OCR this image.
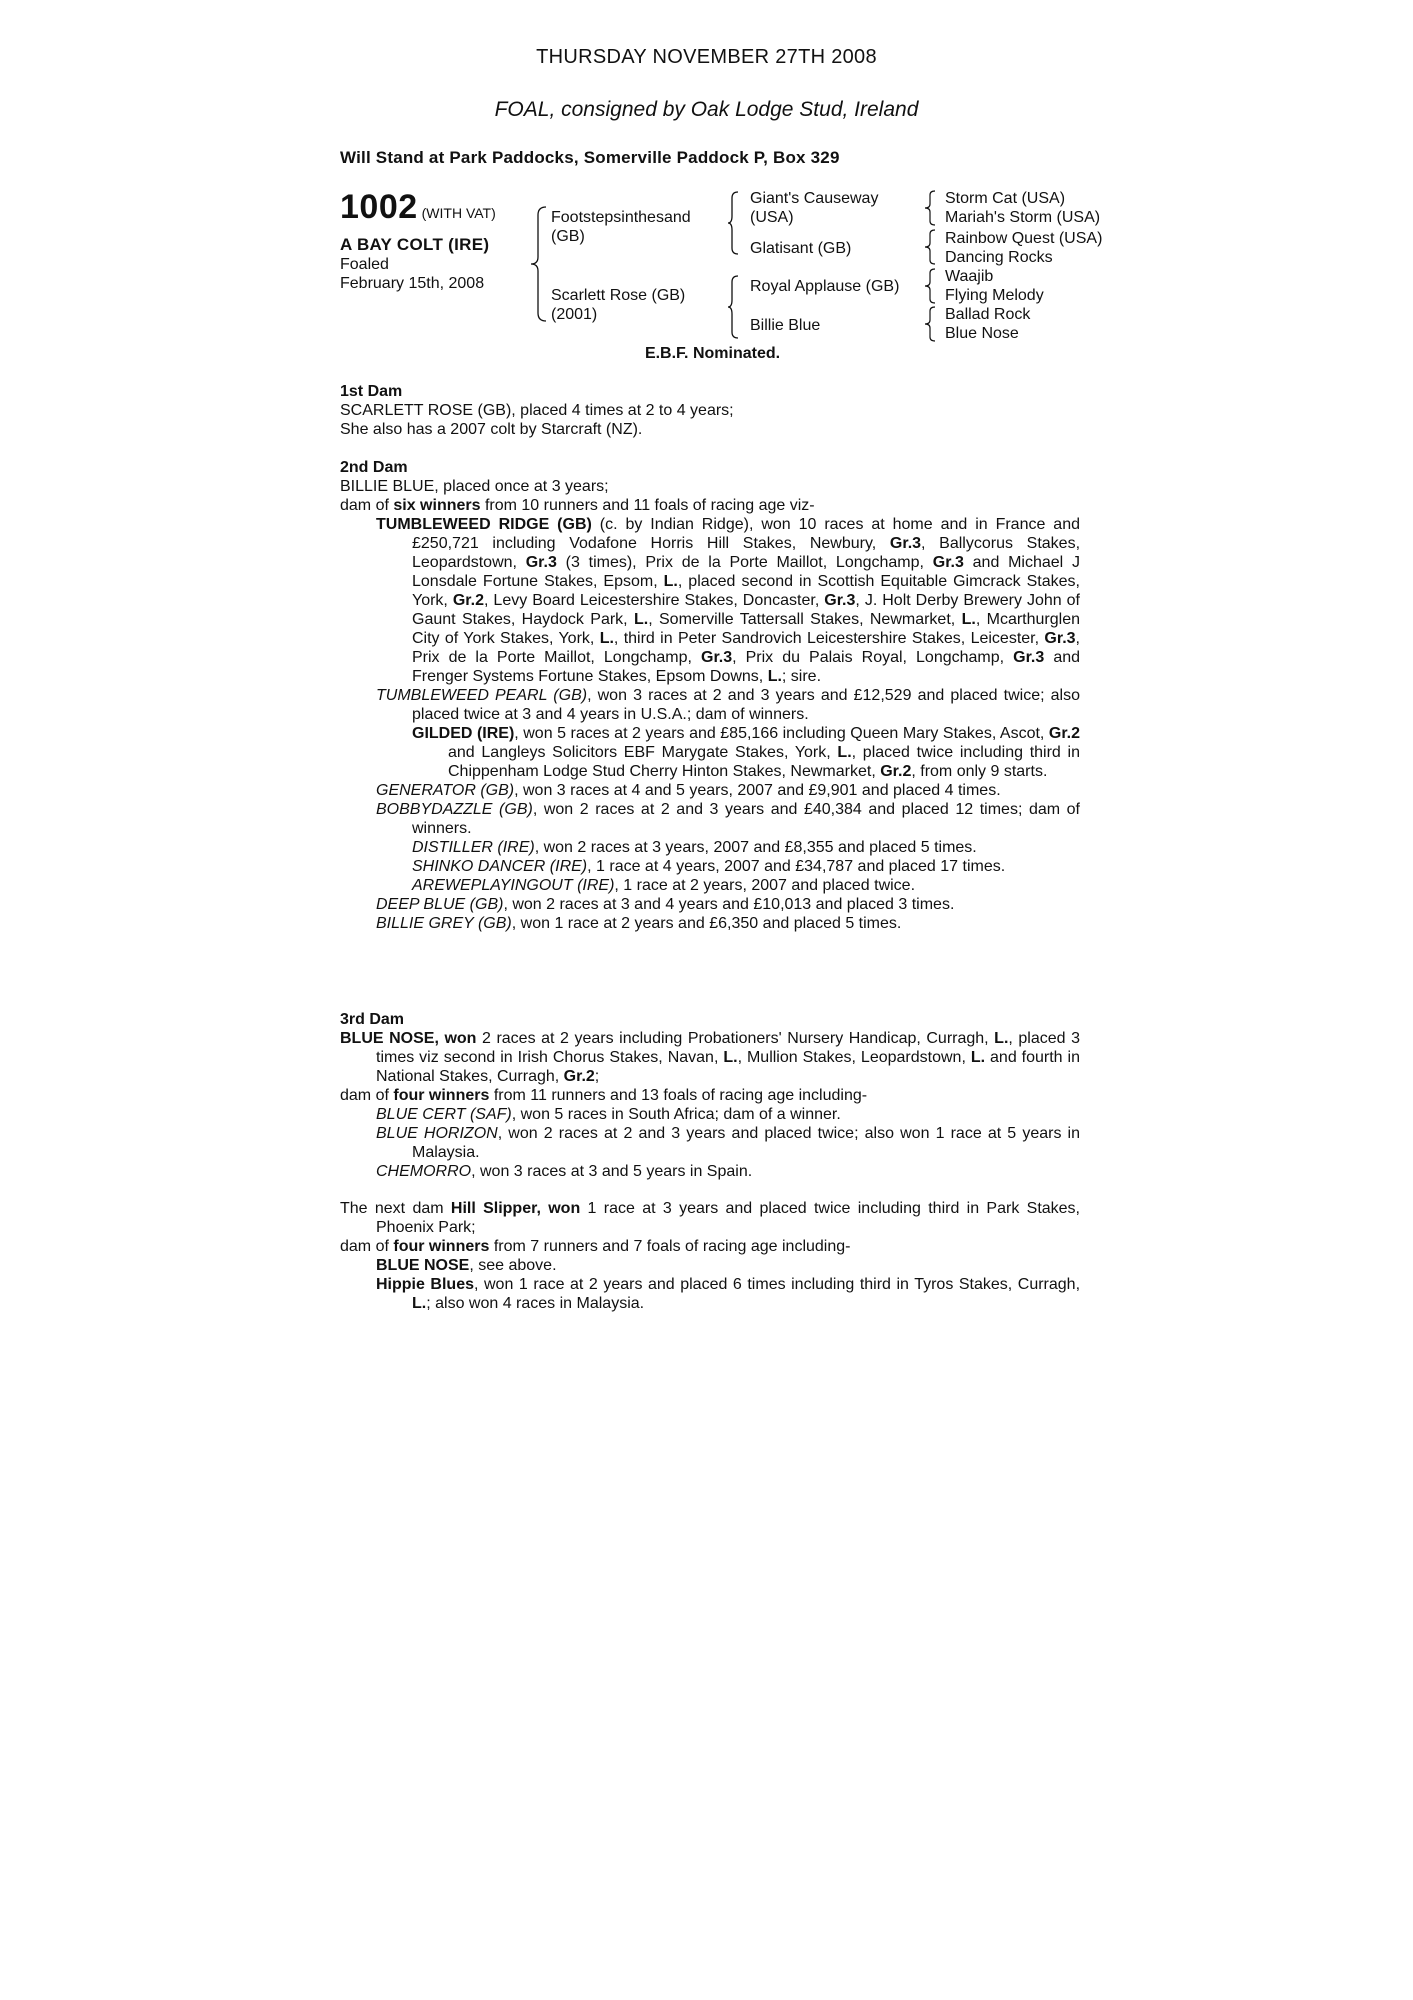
THURSDAY NOVEMBER 27TH 2008
FOAL, consigned by Oak Lodge Stud, Ireland
Will Stand at Park Paddocks, Somerville Paddock P, Box 329
1002 (WITH VAT)
A BAY COLT (IRE)
Foaled
February 15th, 2008
Footstepsinthesand
(GB)
Scarlett Rose (GB)
(2001)
Giant's Causeway
(USA)
Glatisant (GB)
Royal Applause (GB)
Billie Blue
Storm Cat (USA)
Mariah's Storm (USA)
Rainbow Quest (USA)
Dancing Rocks
Waajib
Flying Melody
Ballad Rock
Blue Nose
E.B.F. Nominated.
1st Dam

SCARLETT ROSE (GB), placed 4 times at 2 to 4 years;

She also has a 2007 colt by Starcraft (NZ).

2nd Dam

BILLIE BLUE, placed once at 3 years;

dam of six winners from 10 runners and 11 foals of racing age viz-

TUMBLEWEED RIDGE (GB) (c. by Indian Ridge), won 10 races at home and in France and £250,721 including Vodafone Horris Hill Stakes, Newbury, Gr.3, Ballycorus Stakes, Leopardstown, Gr.3 (3 times), Prix de la Porte Maillot, Longchamp, Gr.3 and Michael J Lonsdale Fortune Stakes, Epsom, L., placed second in Scottish Equitable Gimcrack Stakes, York, Gr.2, Levy Board Leicestershire Stakes, Doncaster, Gr.3, J. Holt Derby Brewery John of Gaunt Stakes, Haydock Park, L., Somerville Tattersall Stakes, Newmarket, L., Mcarthurglen City of York Stakes, York, L., third in Peter Sandrovich Leicestershire Stakes, Leicester, Gr.3, Prix de la Porte Maillot, Longchamp, Gr.3, Prix du Palais Royal, Longchamp, Gr.3 and Frenger Systems Fortune Stakes, Epsom Downs, L.; sire.

TUMBLEWEED PEARL (GB), won 3 races at 2 and 3 years and £12,529 and placed twice; also placed twice at 3 and 4 years in U.S.A.; dam of winners.

GILDED (IRE), won 5 races at 2 years and £85,166 including Queen Mary Stakes, Ascot, Gr.2 and Langleys Solicitors EBF Marygate Stakes, York, L., placed twice including third in Chippenham Lodge Stud Cherry Hinton Stakes, Newmarket, Gr.2, from only 9 starts.

GENERATOR (GB), won 3 races at 4 and 5 years, 2007 and £9,901 and placed 4 times.

BOBBYDAZZLE (GB), won 2 races at 2 and 3 years and £40,384 and placed 12 times; dam of winners.

DISTILLER (IRE), won 2 races at 3 years, 2007 and £8,355 and placed 5 times.

SHINKO DANCER (IRE), 1 race at 4 years, 2007 and £34,787 and placed 17 times.

AREWEPLAYINGOUT (IRE), 1 race at 2 years, 2007 and placed twice.

DEEP BLUE (GB), won 2 races at 3 and 4 years and £10,013 and placed 3 times.

BILLIE GREY (GB), won 1 race at 2 years and £6,350 and placed 5 times.

3rd Dam

BLUE NOSE, won 2 races at 2 years including Probationers' Nursery Handicap, Curragh, L., placed 3 times viz second in Irish Chorus Stakes, Navan, L., Mullion Stakes, Leopardstown, L. and fourth in National Stakes, Curragh, Gr.2;

dam of four winners from 11 runners and 13 foals of racing age including-

BLUE CERT (SAF), won 5 races in South Africa; dam of a winner.

BLUE HORIZON, won 2 races at 2 and 3 years and placed twice; also won 1 race at 5 years in Malaysia.

CHEMORRO, won 3 races at 3 and 5 years in Spain.

The next dam Hill Slipper, won 1 race at 3 years and placed twice including third in Park Stakes, Phoenix Park;

dam of four winners from 7 runners and 7 foals of racing age including-

BLUE NOSE, see above.

Hippie Blues, won 1 race at 2 years and placed 6 times including third in Tyros Stakes, Curragh, L.; also won 4 races in Malaysia.
